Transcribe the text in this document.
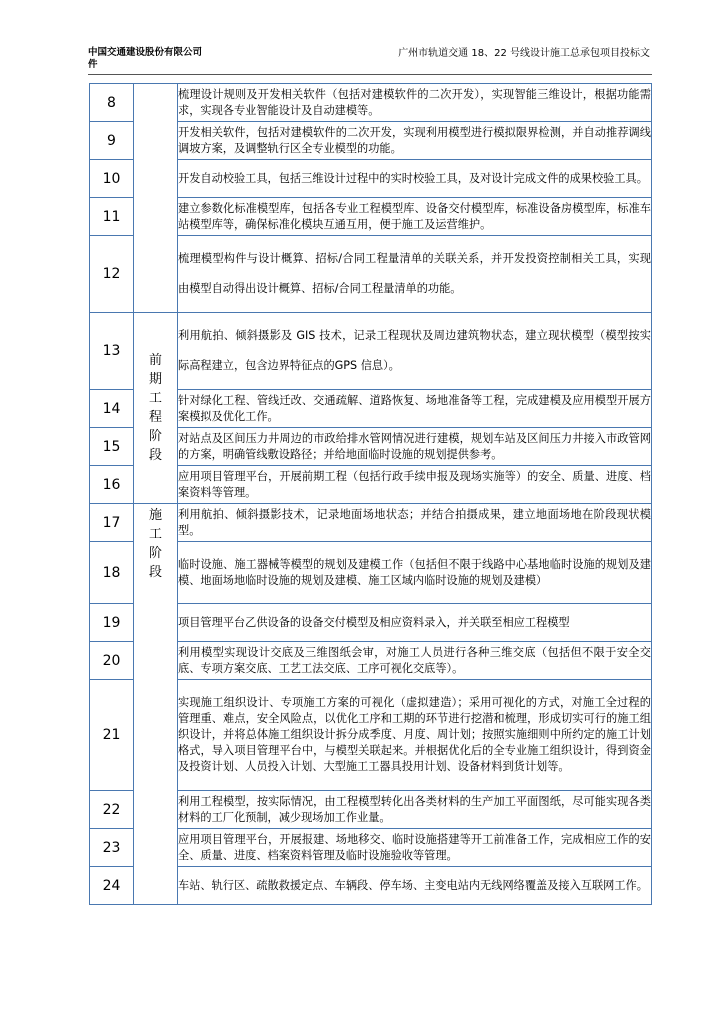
中国交通建设股份有限公司
件
广州市轨道交通 18、22 号线设计施工总承包项目投标文
8		梳理设计规则及开发相关软件（包括对建模软件的二次开发），实现智能三维设计，根据功能需求，实现各专业智能设计及自动建模等。
9		开发相关软件，包括对建模软件的二次开发，实现利用模型进行模拟限界检测，并自动推荐调线调坡方案，及调整轨行区全专业模型的功能。
10		开发自动校验工具，包括三维设计过程中的实时校验工具，及对设计完成文件的成果校验工具。
11		建立参数化标准模型库，包括各专业工程模型库、设备交付模型库，标准设备房模型库，标准车站模型库等，确保标准化模块互通互用，便于施工及运营维护。
12		梳理模型构件与设计概算、招标/合同工程量清单的关联关系，并开发投资控制相关工具，实现由模型自动得出设计概算、招标/合同工程量清单的功能。
13	前期工程阶段	利用航拍、倾斜摄影及 GIS 技术，记录工程现状及周边建筑物状态，建立现状模型（模型按实际高程建立，包含边界特征点的GPS 信息）。
14		针对绿化工程、管线迁改、交通疏解、道路恢复、场地准备等工程，完成建模及应用模型开展方案模拟及优化工作。
15		对站点及区间压力井周边的市政给排水管网情况进行建模，规划车站及区间压力井接入市政管网的方案，明确管线敷设路径；并给地面临时设施的规划提供参考。
16		应用项目管理平台，开展前期工程（包括行政手续申报及现场实施等）的安全、质量、进度、档案资料等管理。
17	施工阶段	利用航拍、倾斜摄影技术，记录地面场地状态；并结合拍摄成果，建立地面场地在阶段现状模型。
18		临时设施、施工器械等模型的规划及建模工作（包括但不限于线路中心基地临时设施的规划及建模、地面场地临时设施的规划及建模、施工区域内临时设施的规划及建模）
19		项目管理平台乙供设备的设备交付模型及相应资料录入，并关联至相应工程模型
20		利用模型实现设计交底及三维图纸会审，对施工人员进行各种三维交底（包括但不限于安全交底、专项方案交底、工艺工法交底、工序可视化交底等）。
21		实现施工组织设计、专项施工方案的可视化（虚拟建造）；采用可视化的方式，对施工全过程的管理重、难点，安全风险点，以优化工序和工期的环节进行挖潜和梳理，形成切实可行的施工组织设计，并将总体施工组织设计拆分成季度、月度、周计划；按照实施细则中所约定的施工计划格式，导入项目管理平台中，与模型关联起来。并根据优化后的全专业施工组织设计，得到资金及投资计划、人员投入计划、大型施工工器具投用计划、设备材料到货计划等。
22		利用工程模型，按实际情况，由工程模型转化出各类材料的生产加工平面图纸，尽可能实现各类材料的工厂化预制，减少现场加工作业量。
23		应用项目管理平台，开展报建、场地移交、临时设施搭建等开工前准备工作，完成相应工作的安全、质量、进度、档案资料管理及临时设施验收等管理。
24		车站、轨行区、疏散救援定点、车辆段、停车场、主变电站内无线网络覆盖及接入互联网工作。
